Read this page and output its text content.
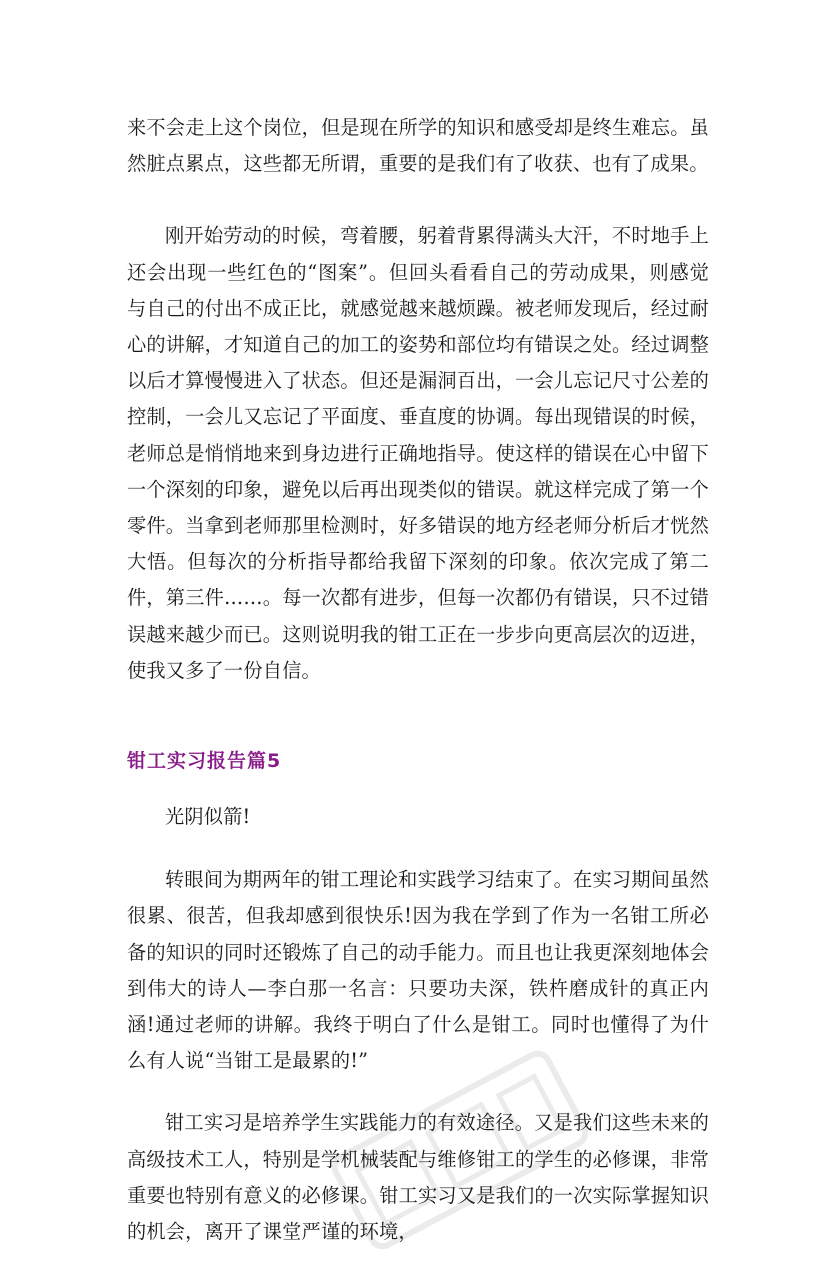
来不会走上这个岗位，但是现在所学的知识和感受却是终生难忘。虽然脏点累点，这些都无所谓，重要的是我们有了收获、也有了成果。

刚开始劳动的时候，弯着腰，躬着背累得满头大汗，不时地手上还会出现一些红色的“图案”。但回头看看自己的劳动成果，则感觉与自己的付出不成正比，就感觉越来越烦躁。被老师发现后，经过耐心的讲解，才知道自己的加工的姿势和部位均有错误之处。经过调整以后才算慢慢进入了状态。但还是漏洞百出，一会儿忘记尺寸公差的控制，一会儿又忘记了平面度、垂直度的协调。每出现错误的时候，老师总是悄悄地来到身边进行正确地指导。使这样的错误在心中留下一个深刻的印象，避免以后再出现类似的错误。就这样完成了第一个零件。当拿到老师那里检测时，好多错误的地方经老师分析后才恍然大悟。但每次的分析指导都给我留下深刻的印象。依次完成了第二件，第三件……。每一次都有进步，但每一次都仍有错误，只不过错误越来越少而已。这则说明我的钳工正在一步步向更高层次的迈进，使我又多了一份自信。

钳工实习报告篇5

光阴似箭!

转眼间为期两年的钳工理论和实践学习结束了。在实习期间虽然很累、很苦，但我却感到很快乐!因为我在学到了作为一名钳工所必备的知识的同时还锻炼了自己的动手能力。而且也让我更深刻地体会到伟大的诗人—李白那一名言：只要功夫深，铁杵磨成针的真正内涵!通过老师的讲解。我终于明白了什么是钳工。同时也懂得了为什么有人说“当钳工是最累的!”

钳工实习是培养学生实践能力的有效途径。又是我们这些未来的高级技术工人，特别是学机械装配与维修钳工的学生的必修课，非常重要也特别有意义的必修课。钳工实习又是我们的一次实际掌握知识的机会，离开了课堂严谨的环境，
